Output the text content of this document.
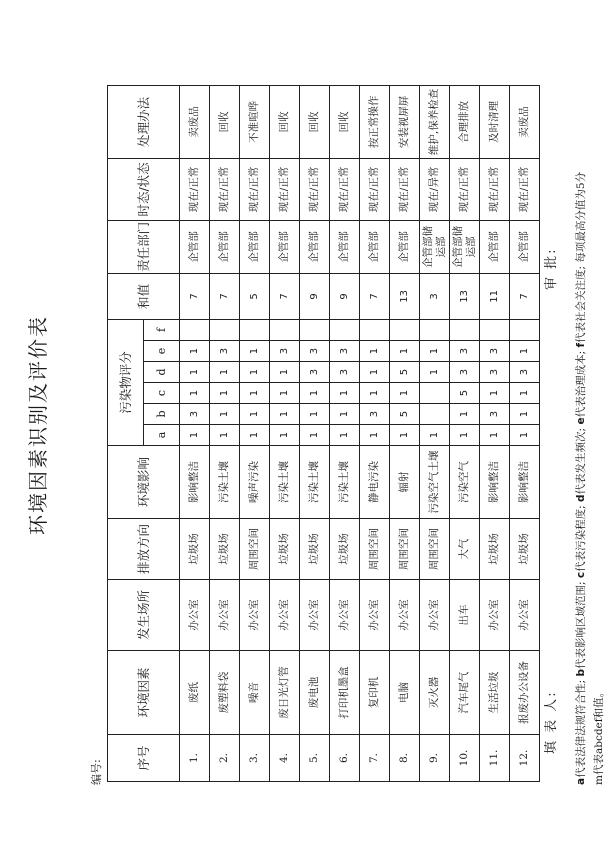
环境因素识别及评价表
编号:
序号	环境因素	发生场所	排放方向	环境影响	污染物评分						和值	责任部门	时态/状态	处理办法
					a	b	c	d	e	f				
1.	废纸	办公室	垃圾场	影响整洁	1	3	1	1	1		7	企管部	现在/正常	卖废品
2.	废塑料袋	办公室	垃圾场	污染土壤	1	1	1	1	3		7	企管部	现在/正常	回收
3.	噪音	办公室	周围空间	噪声污染	1	1	1	1	1		5	企管部	现在/正常	不准喧哗
4.	废日光灯管	办公室	垃圾场	污染土壤	1	1	1	1	3		7	企管部	现在/正常	回收
5.	废电池	办公室	垃圾场	污染土壤	1	1	1	3	3		9	企管部	现在/正常	回收
6.	打印机墨盒	办公室	垃圾场	污染土壤	1	1	1	3	3		9	企管部	现在/正常	回收
7.	复印机	办公室	周围空间	静电污染	1	3	1	1	1		7	企管部	现在/正常	按正常操作
8.	电脑	办公室	周围空间	辐射	1	5	1	5	1		13	企管部	现在/正常	安装视屏屏
9.	灭火器	办公室	周围空间	污染空气土壤	1			1	1		3	企管部储运部	现在/异常	维护,保养检查
10.	汽车尾气	出车	大气	污染空气	1	1	5	3	3		13	企管部储运部	现在/正常	合理排放
11.	生活垃圾	办公室	垃圾场	影响整洁	1	3	1	3	3		11	企管部	现在/正常	及时清理
12.	报废办公设备	办公室	垃圾场	影响整洁	1	1	1	3	1		7	企管部	现在/正常	卖废品
a代表法律法规符合性; b代表影响区域范围; c代表污染程度; d代表发生频次; e代表治理成本; f代表社会关注度; 每项最高分值为5分
m代表abcdef和值。
填 表 人:
审 批:
